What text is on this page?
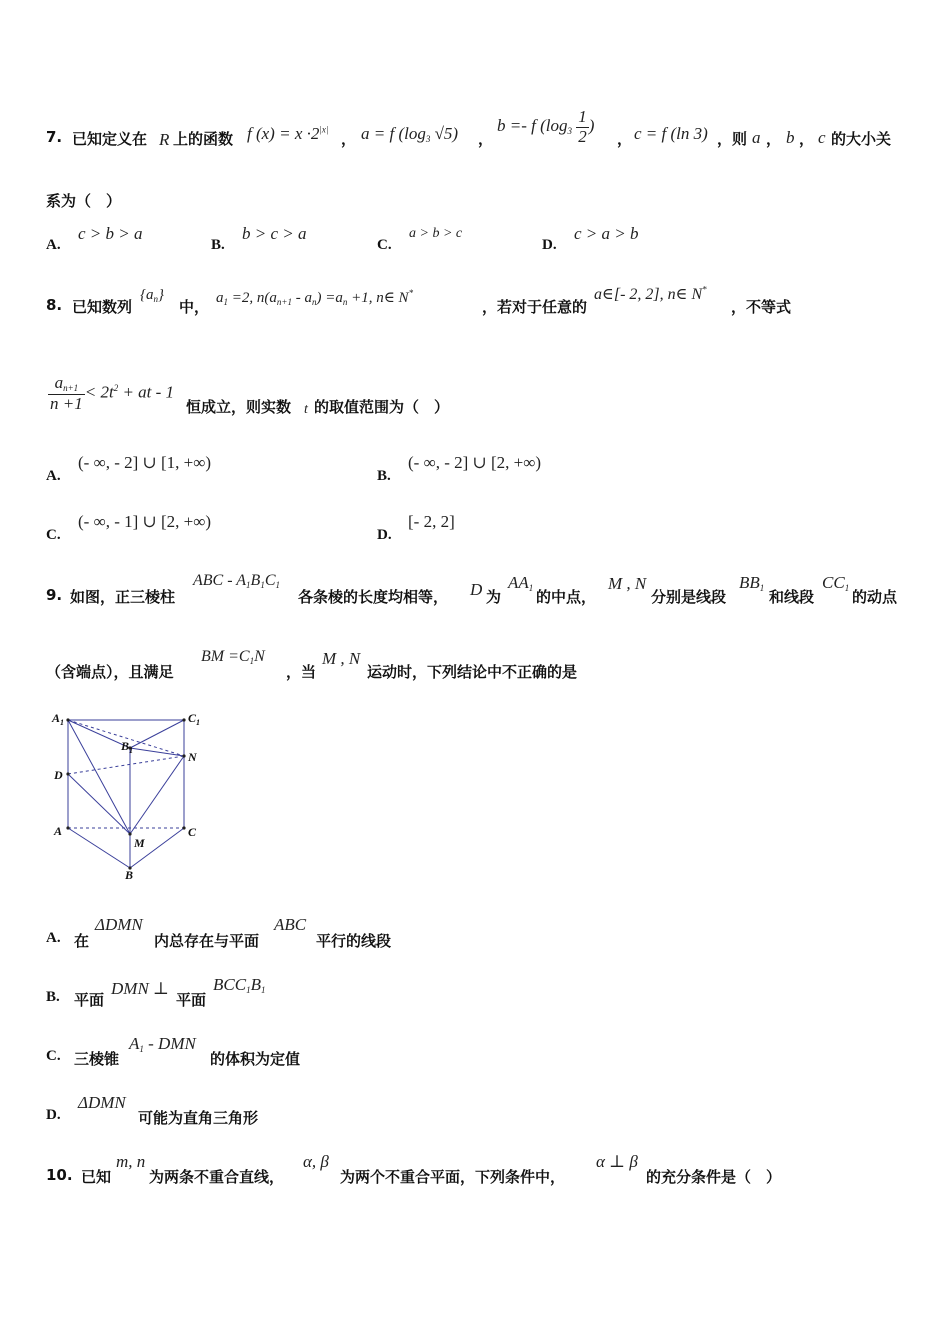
7. 已知定义在 R 上的函数 f $(x) = x \cdot 2^{|x|}$
， a = f ($\log_3$ √5) ，
b =- f ($\log_3 \frac{1}{2}$ )
， c = f (ln 3) ，则 a ， b ， c 的大小关
系为（　）
A.
c > b > a
B.
b > c > a
C.
a > b > c
D.
c > a > b
8. 已知数列
$\{a_n\}$
中， $a_1 =2$, $n(a_{n+1} - a_n) =a_n +1$, n∈ N*
，若对于任意的
a∈[- 2, 2], n∈ N*
，不等式
$\frac{a_{n+1}}{n +1} < 2t^2$ + at - 1
恒成立，则实数 t 的取值范围为（　）
A.
(- ∞, - 2] ∪ [1, +∞)
B.
(- ∞, - 2] ∪ [2, +∞)
C.
(- ∞, - 1] ∪ [2, +∞)
D.
[- 2, 2]
9. 如图，正三棱柱
ABC - $A_1B_1C_1$
各条棱的长度均相等， D 为
$AA_1$ 的中点，
M , N
分别是线段
$BB_1$ 和线段
$CC_1$ 的动点
（含端点），且满足
BM $=C_1N$
，当
M , N
运动时，下列结论中不正确的是
$A_1$	$C_1$
$B_1$	N
D
A	C
M
B
A. 在
ΔDMN
内总存在与平面
ABC
平行的线段
B. 平面
DMN ⊥
平面
$BCC_1B_1$
C. 三棱锥
$A_1$ - DMN
的体积为定值
D.
ΔDMN
可能为直角三角形
10. 已知
m, n
为两条不重合直线，
α, β
为两个不重合平面，下列条件中，
α ⊥ β
的充分条件是（　）
